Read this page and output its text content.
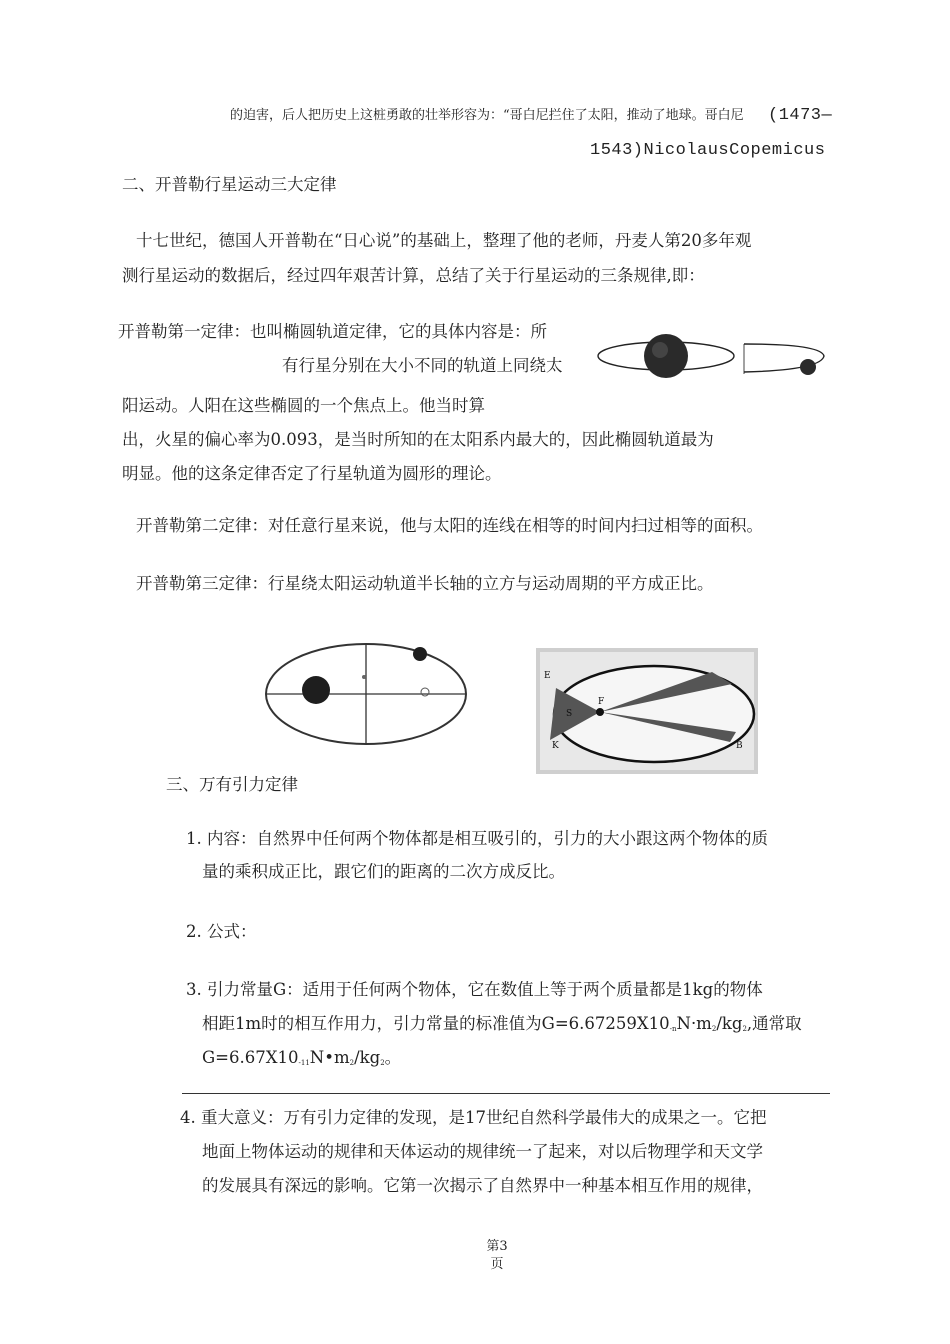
的迫害，后人把历史上这桩勇敢的壮举形容为：“哥白尼拦住了太阳，推动了地球。哥白尼 (1473—
1543)NicolausCopemicus
二、开普勒行星运动三大定律
十七世纪，德国人开普勒在“日心说”的基础上，整理了他的老师，丹麦人第20多年观
测行星运动的数据后，经过四年艰苦计算，总结了关于行星运动的三条规律,即：
开普勒第一定律：也叫椭圆轨道定律，它的具体内容是：所
有行星分别在大小不同的轨道上同绕太
阳运动。人阳在这些椭圆的一个焦点上。他当时算
出，火星的偏心率为0.093，是当时所知的在太阳系内最大的，因此椭圆轨道最为
明显。他的这条定律否定了行星轨道为圆形的理论。
开普勒第二定律：对任意行星来说，他与太阳的连线在相等的时间内扫过相等的面积。
开普勒第三定律：行星绕太阳运动轨道半长轴的立方与运动周期的平方成正比。
E
S
F
K	B
三、万有引力定律
1. 内容：自然界中任何两个物体都是相互吸引的，引力的大小跟这两个物体的质
量的乘积成正比，跟它们的距离的二次方成反比。
2. 公式：
3. 引力常量G：适用于任何两个物体，它在数值上等于两个质量都是1kg的物体
相距1m时的相互作用力，引力常量的标准值为$G=6.67259X10_{-n}N\cdot m_2/kg_2$,通常取
$G=6.67X10_{-11}N•m_2/kg_2$。
4. 重大意义：万有引力定律的发现，是17世纪自然科学最伟大的成果之一。它把
地面上物体运动的规律和天体运动的规律统一了起来，对以后物理学和天文学
的发展具有深远的影响。它第一次揭示了自然界中一种基本相互作用的规律，
第3
页
